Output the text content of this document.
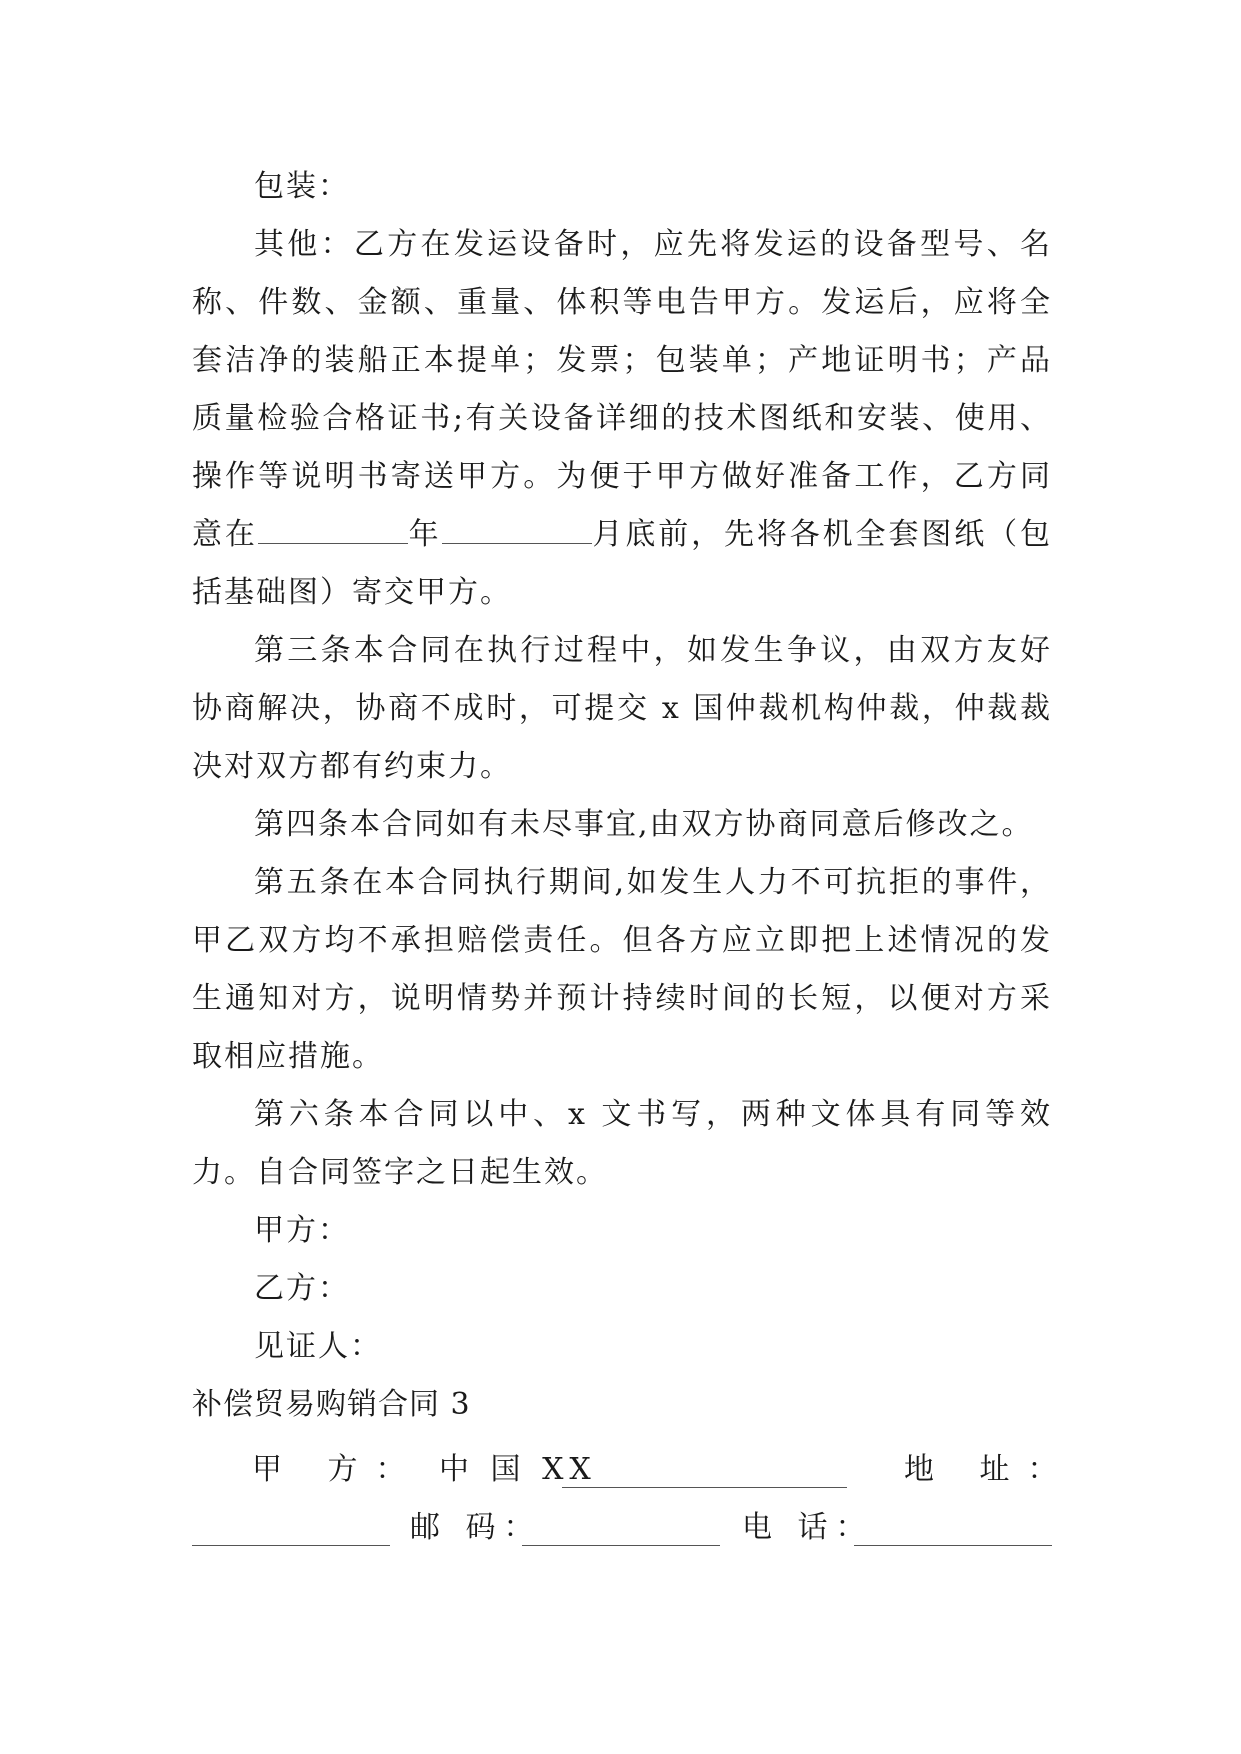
包装：

其他：乙方在发运设备时，应先将发运的设备型号、名称、件数、金额、重量、体积等电告甲方。发运后，应将全套洁净的装船正本提单；发票；包装单；产地证明书；产品质量检验合格证书;有关设备详细的技术图纸和安装、使用、操作等说明书寄送甲方。为便于甲方做好准备工作，乙方同意在	年	月底前，先将各机全套图纸（包括基础图）寄交甲方。

第三条本合同在执行过程中，如发生争议，由双方友好协商解决，协商不成时，可提交 x 国仲裁机构仲裁，仲裁裁决对双方都有约束力。

第四条本合同如有未尽事宜,由双方协商同意后修改之。

第五条在本合同执行期间,如发生人力不可抗拒的事件，甲乙双方均不承担赔偿责任。但各方应立即把上述情况的发生通知对方，说明情势并预计持续时间的长短，以便对方采取相应措施。

第六条本合同以中、x 文书写，两种文体具有同等效力。自合同签字之日起生效。

甲方：

乙方：

见证人：

补偿贸易购销合同 3

甲 方： 中 国 XX	地 址：
邮 码：	电 话：
